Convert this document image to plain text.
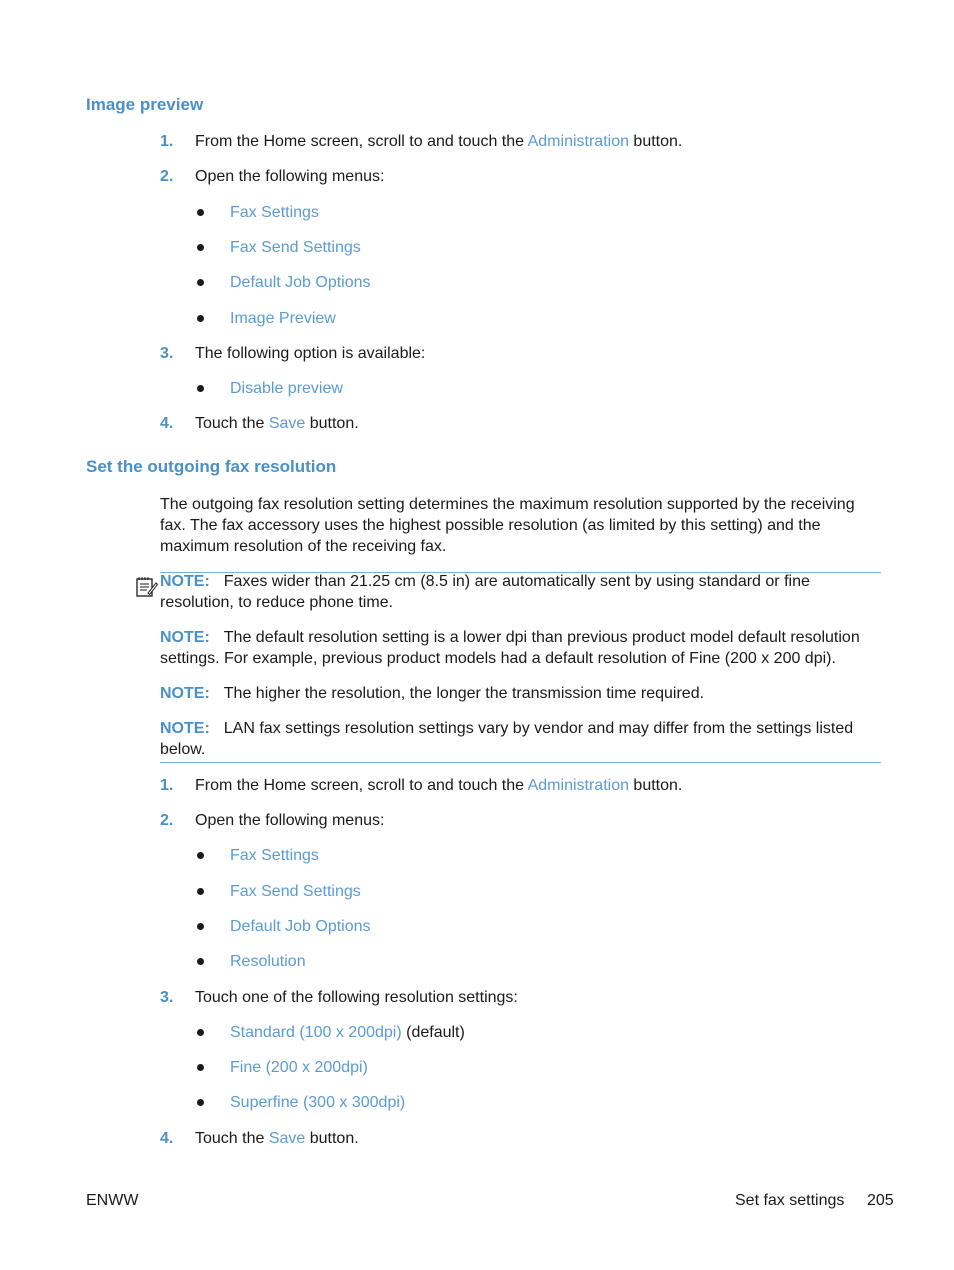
Image preview
1. From the Home screen, scroll to and touch the Administration button.
2. Open the following menus:
Fax Settings
Fax Send Settings
Default Job Options
Image Preview
3. The following option is available:
Disable preview
4. Touch the Save button.
Set the outgoing fax resolution
The outgoing fax resolution setting determines the maximum resolution supported by the receiving fax. The fax accessory uses the highest possible resolution (as limited by this setting) and the maximum resolution of the receiving fax.
NOTE: Faxes wider than 21.25 cm (8.5 in) are automatically sent by using standard or fine resolution, to reduce phone time.
NOTE: The default resolution setting is a lower dpi than previous product model default resolution settings. For example, previous product models had a default resolution of Fine (200 x 200 dpi).
NOTE: The higher the resolution, the longer the transmission time required.
NOTE: LAN fax settings resolution settings vary by vendor and may differ from the settings listed below.
1. From the Home screen, scroll to and touch the Administration button.
2. Open the following menus:
Fax Settings
Fax Send Settings
Default Job Options
Resolution
3. Touch one of the following resolution settings:
Standard (100 x 200dpi) (default)
Fine (200 x 200dpi)
Superfine (300 x 300dpi)
4. Touch the Save button.
ENWW	Set fax settings 205
